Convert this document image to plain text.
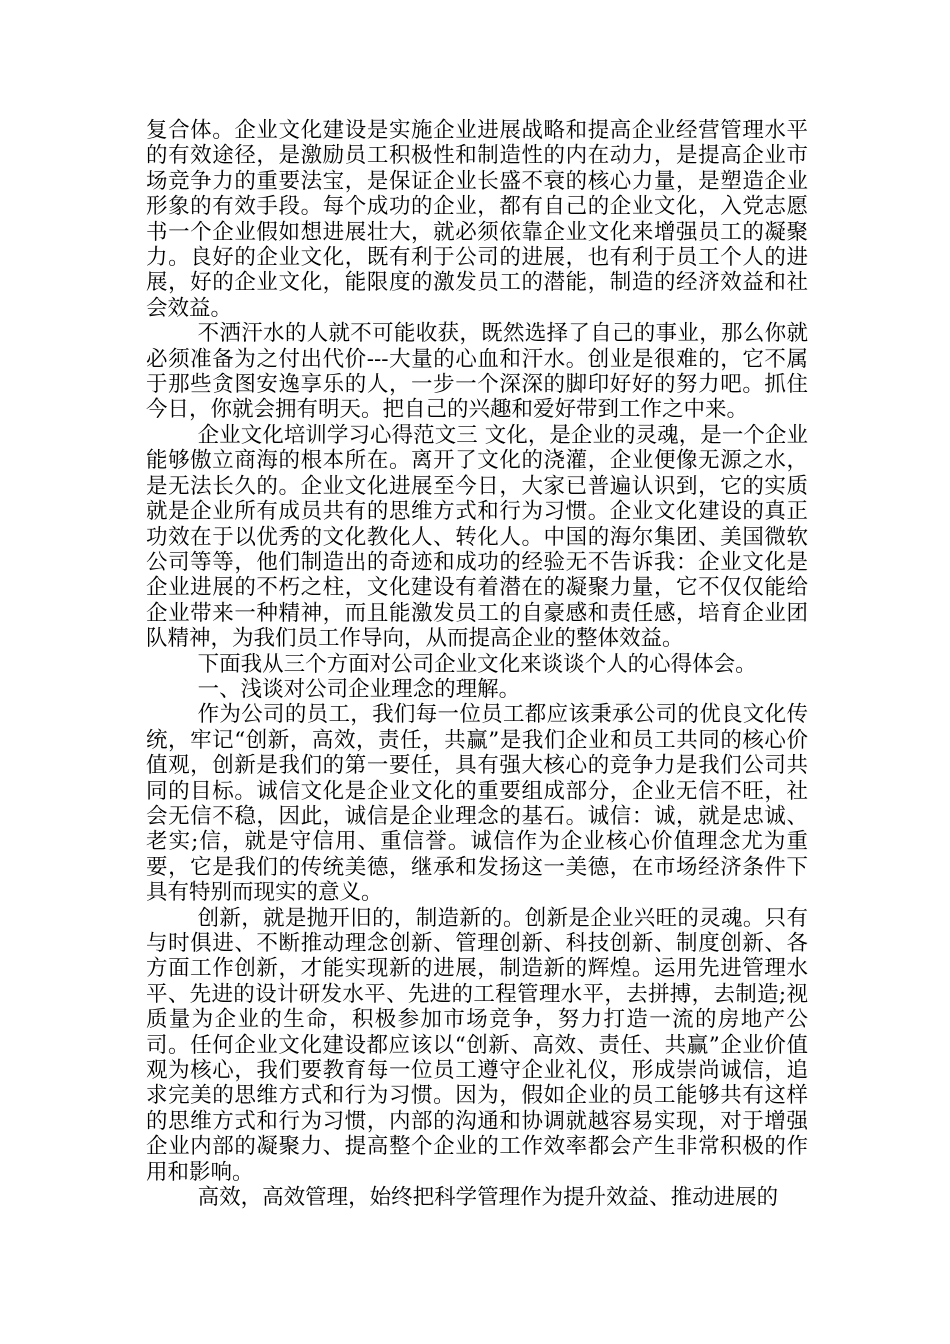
复合体。企业文化建设是实施企业进展战略和提高企业经营管理水平的有效途径，是激励员工积极性和制造性的内在动力，是提高企业市场竞争力的重要法宝，是保证企业长盛不衰的核心力量，是塑造企业形象的有效手段。每个成功的企业，都有自己的企业文化，入党志愿书一个企业假如想进展壮大，就必须依靠企业文化来增强员工的凝聚力。良好的企业文化，既有利于公司的进展，也有利于员工个人的进展，好的企业文化，能限度的激发员工的潜能，制造的经济效益和社会效益。

不洒汗水的人就不可能收获，既然选择了自己的事业，那么你就必须准备为之付出代价---大量的心血和汗水。创业是很难的，它不属于那些贪图安逸享乐的人，一步一个深深的脚印好好的努力吧。抓住今日，你就会拥有明天。把自己的兴趣和爱好带到工作之中来。

企业文化培训学习心得范文三 文化，是企业的灵魂，是一个企业能够傲立商海的根本所在。离开了文化的浇灌，企业便像无源之水，是无法长久的。企业文化进展至今日，大家已普遍认识到，它的实质就是企业所有成员共有的思维方式和行为习惯。企业文化建设的真正功效在于以优秀的文化教化人、转化人。中国的海尔集团、美国微软公司等等，他们制造出的奇迹和成功的经验无不告诉我：企业文化是企业进展的不朽之柱，文化建设有着潜在的凝聚力量，它不仅仅能给企业带来一种精神，而且能激发员工的自豪感和责任感，培育企业团队精神，为我们员工作导向，从而提高企业的整体效益。

下面我从三个方面对公司企业文化来谈谈个人的心得体会。

一、浅谈对公司企业理念的理解。

作为公司的员工，我们每一位员工都应该秉承公司的优良文化传统，牢记“创新，高效，责任，共赢”是我们企业和员工共同的核心价值观，创新是我们的第一要任，具有强大核心的竞争力是我们公司共同的目标。诚信文化是企业文化的重要组成部分，企业无信不旺，社会无信不稳，因此，诚信是企业理念的基石。诚信：诚，就是忠诚、老实;信，就是守信用、重信誉。诚信作为企业核心价值理念尤为重要，它是我们的传统美德，继承和发扬这一美德，在市场经济条件下具有特别而现实的意义。

创新，就是抛开旧的，制造新的。创新是企业兴旺的灵魂。只有与时俱进、不断推动理念创新、管理创新、科技创新、制度创新、各方面工作创新，才能实现新的进展，制造新的辉煌。运用先进管理水平、先进的设计研发水平、先进的工程管理水平，去拼搏，去制造;视质量为企业的生命，积极参加市场竞争，努力打造一流的房地产公司。任何企业文化建设都应该以“创新、高效、责任、共赢”企业价值观为核心，我们要教育每一位员工遵守企业礼仪，形成崇尚诚信，追求完美的思维方式和行为习惯。因为，假如企业的员工能够共有这样的思维方式和行为习惯，内部的沟通和协调就越容易实现，对于增强企业内部的凝聚力、提高整个企业的工作效率都会产生非常积极的作用和影响。

高效，高效管理，始终把科学管理作为提升效益、推动进展的
